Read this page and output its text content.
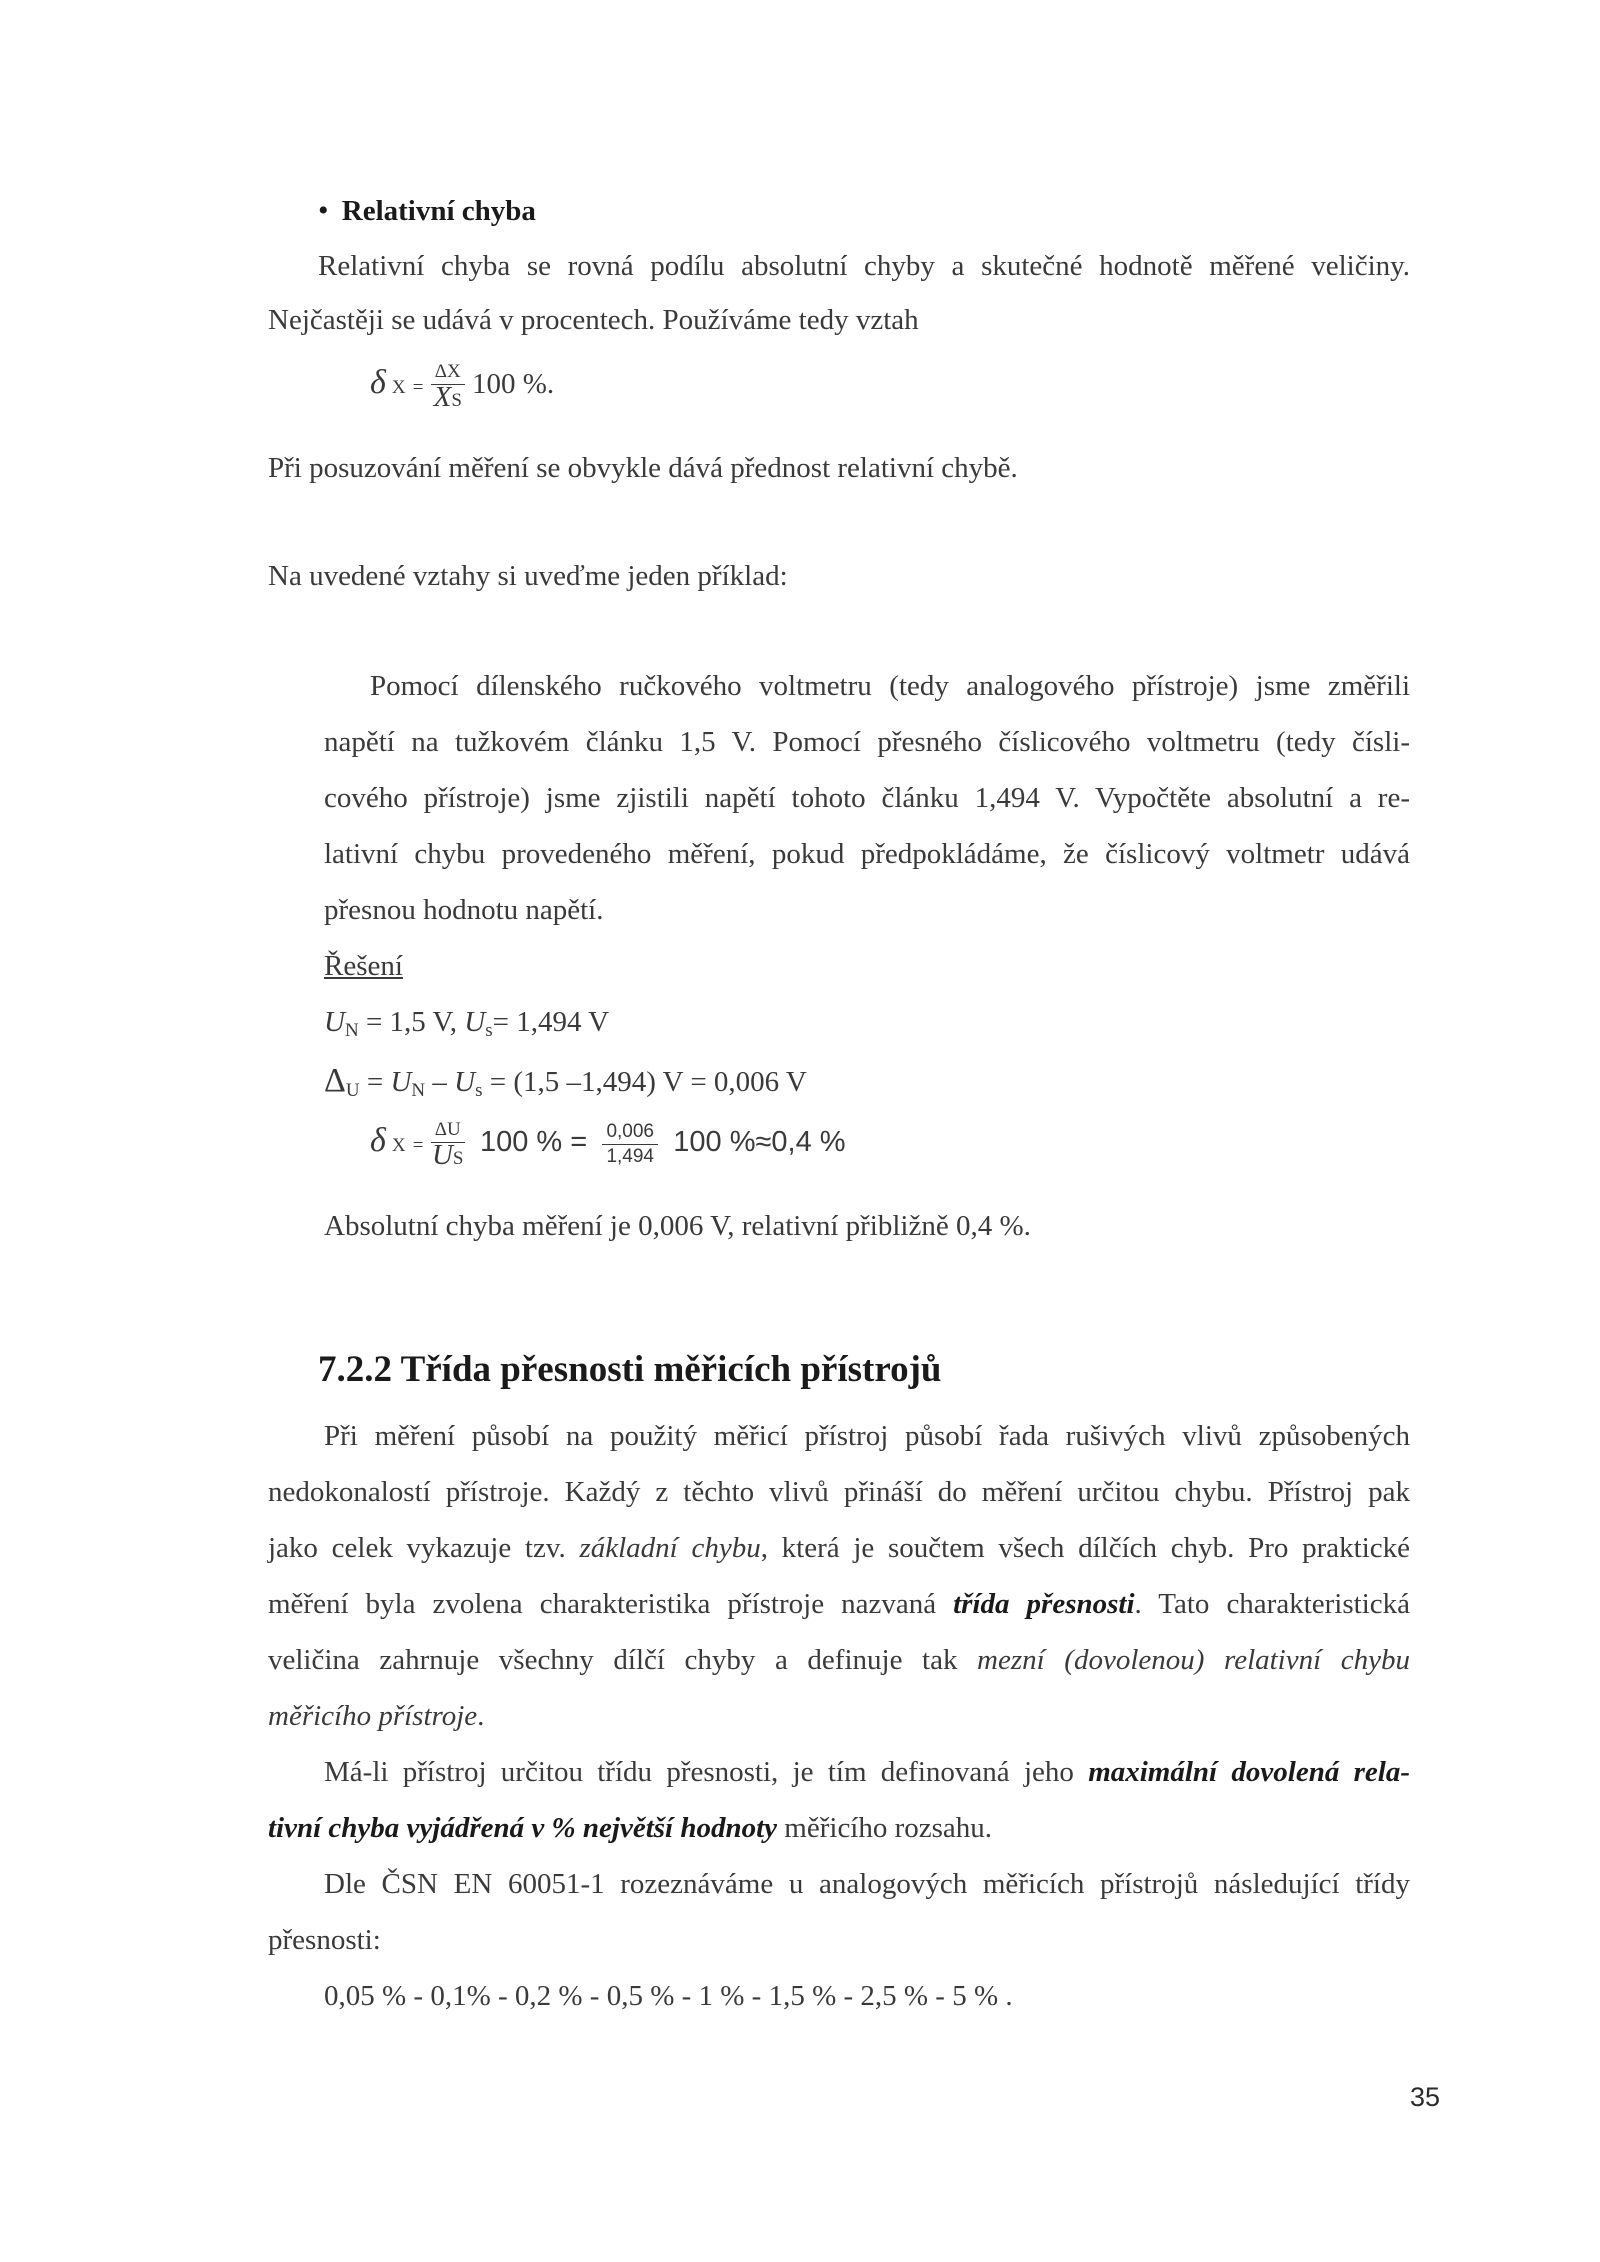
• Relativní chyba
Relativní chyba se rovná podílu absolutní chyby a skutečné hodnotě měřené veličiny.
Nejčastěji se udává v procentech. Používáme tedy vztah
δ $X = \frac{\Delta X}{XS} 100$ %.
Při posuzování měření se obvykle dává přednost relativní chybě.
Na uvedené vztahy si uveďme jeden příklad:
Pomocí dílenského ručkového voltmetru (tedy analogového přístroje) jsme změřili
napětí na tužkovém článku 1,5 V. Pomocí přesného číslicového voltmetru (tedy čísli-
cového přístroje) jsme zjistili napětí tohoto článku 1,494 V. Vypočtěte absolutní a re-
lativní chybu provedeného měření, pokud předpokládáme, že číslicový voltmetr udává
přesnou hodnotu napětí.
Řešení
$U_N = 1,5$ V, $U_s= 1,494$ V
$\Delta_U = U_N - U_s = (1,5$ –1,494) V = 0,006 V
δ $X = \frac{\Delta U}{US} 100$ % = $\frac{0,006}{1,494} 100$ %≈0,4 %
Absolutní chyba měření je 0,006 V, relativní přibližně 0,4 %.
7.2.2 Třída přesnosti měřicích přístrojů
Při měření působí na použitý měřicí přístroj působí řada rušivých vlivů způsobených
nedokonalostí přístroje. Každý z těchto vlivů přináší do měření určitou chybu. Přístroj pak
jako celek vykazuje tzv. základní chybu, která je součtem všech dílčích chyb. Pro praktické
měření byla zvolena charakteristika přístroje nazvaná třída přesnosti. Tato charakteristická
veličina zahrnuje všechny dílčí chyby a definuje tak mezní (dovolenou) relativní chybu
měřicího přístroje.
Má-li přístroj určitou třídu přesnosti, je tím definovaná jeho maximální dovolená rela-
tivní chyba vyjádřená v % největší hodnoty měřicího rozsahu.
Dle ČSN EN 60051-1 rozeznáváme u analogových měřicích přístrojů následující třídy
přesnosti:
0,05 % - 0,1% - 0,2 % - 0,5 % - 1 % - 1,5 % - 2,5 % - 5 % .
35
